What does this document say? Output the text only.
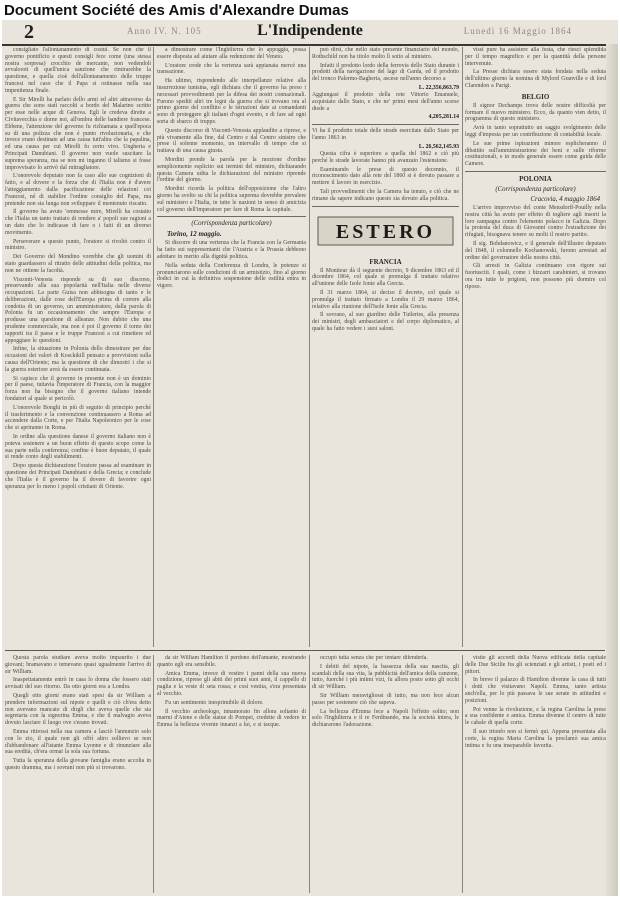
Document Société des Amis d'Alexandre Dumas
2	Anno IV. N. 105	L'Indipendente	Lunedì 16 Maggio 1864

consigliato l'allontanamento di costui. Se non che il governo pontificio e questi consigli fece come (una stessa nostra sorpresa) crocchio de mercante, non vedendoli avvaloroti di quell'unica sanzione che rimirarebbe la questione, e quella cioè dell'allontanamento delle truppe francesi nel caso che il Papa si ostinasse nella sua impenitenza finale.

E Sir Mirelli ha parlato dello armi ed altri attraverso da guerra che sono stati raccolti a bordo del Malarino scritto per esse nelle acque di Genova. Egli le credeva dirette a Civitavecchia e dorne noi, all'ombra delle bandiere francese. Ebbene, l'attenzione del governo fu richiamata a quell'epoca su di una polizza che non è punto rivoluzionaria, e che invece erano destinate ad una causa tutt'altra che la papalina, ed una causa per cui Mirelli fu certo vivo. Ungheria e Principati Danubiani. Il governo non vuole suscitare la suprema speranza, ma se non mi inganno il talismo si fosse improvvisato lo arrivò dal mitragliatore.

L'onorevole deputato non fa caso allo sue cognizioni di fatto, e al dovere e la forza che di l'Italia non è d'avere l'atteggiamento dalla pacificazione delle relazioni coi Francesi, né di stabilire l'ordine consiglio del Papa, ma pretende non sia lunga non sviluppare il mentenuto riscatto.

Il governo ha avuto 'ommesse mire, Mirelli ha costatto che l'Italia un tanto trattato di rendere a' popoli sue ragioni a un dato che lo indicasse di fare o i fatti di un diverso movimento.

Perseverare a questo punto, l'oratore si rivoltò contro il ministro.

Dei Governo del Mondino vorrebbe che gli uomini di stato guardassero al ritratto delle attitudini della politica, ma non ne ottiene la facoltà.

Visconti-Venosta risponde su di suo discorso, preservando alla sua popolarità nell'Italia nelle diverse occupazioni. La parte Guisa non abbisogna di tanto e le deliberazioni, dalle cose dell'Europa prima di correre alla condotta di un governo, un amministratore, dalla parola di Polonia fu un occasionamento che sempre l'Europa e produsse una questione di alleanze. Non dubito che una prudente commerciale, ma non è poi il governo il torno dei rapporti tra il paese e le truppe Francesi a cui rimettere ed appoggiare le questioni.

Infine, la situazione in Polonia dello dimostrare per due occasioni dei valori di Kosckikill pensato a provvisioni sulla causa dell'Oriente; ma la questione di che dimostri i che si la guerra esteriore avrà da essere continuata.

Si capisce che il governo in presente non è un dominio per il paese, tuttavia l'imperatore di Francia, con la maggior forza non ha bisogno che il governo italiano intende fondatori al quale si pericolò.

L'onorevole Bonghi in più di seguito di principio perché il trasferimento e la convenzione continuassero a Roma ad accendere dalla Corte, e per l'Italia Napoleonico per le cose che si apriranno in Roma.

In ordine alla questione danese il governo italiano non è poteva sostenere a un buon effetto di questo scopo come la sua parte nella conferenza; confine è buon deputato, il quale si rende conto degli stabilimenti.

Dopo questa dichiarazione l'oratore passa ad esaminare in questione dei Principati Danubiani e della Grecia; e conclude che l'Italia è il governo ha il dovere di favorire ogni speranza per lo meno i popoli cristiani di Oriente.

a dimostrare come l'Inghilterra che lo appoggia, possa essere disposta ad aiutare alla redenzione del Veneto.

L'oratore crede che la vertenza sarà appianata mercé una transazione.

Ha ultimo, rispondendo alle interpellanze relative alla insurrezione tunisina, egli dichiara che il governo ha preso i necessari provvedimenti per la difesa dei nostri connazionali. Furono spediti altri tre legni da guerra che si trovano ora al primo giorno del conflitto e le istruzioni date ai comandanti sono di proteggere gli italiani d'ogni evento, e di fare ad ogni sorta di sbarco di truppe.

Questo discorso di Visconti-Venosta applaudito a riprese, e più vivamente alla fine, dal Centro e dal Centro sinistro che prese il solenne momento, un intervallo di tempo che si trattava di una causa giusta.

Mordini prende la parola per la mozione d'ordine semplicemente esplicito sui termini del ministro, dichiarando questa Camera udita le dichiarazioni del ministro riprende l'ordine del giorno.

Mordini ricorda la politica dell'opposizione che l'altro giorno ha svolto su chi la politica suprema dovrebbe prevalere sul ministero e l'Italia, in tutte le nazioni in senso di amicizia col governo dell'imperatore per fare di Roma la capitale.

(Corrispondenza particolare)
Torino, 12 maggio.

Si discorre di una vertenza che la Francia con la Germania ha fatto sui rappresentanti che l'Austria e la Prussia debbono adottare in merito alla dignità politica.

Nella seduta della Conferenza di Londra, le potenze si pronunciarono sulle condizioni di un armistizio, fino al giorno dodici in cui la definitiva sospensione delle ostilità entra in vigore.

può dirsi, che nello stato presente finanziario del mondo, Rothschild non ha titolo molto lì sotto al ministro.

Infatti il prodotto lordo della ferrovia dello Stato durante i prodotti della navigazione del lago di Garda, ed il prodotto del tronco Palermo-Bagheria, ascese nell'anno decorso a

L. 22,356,863.79

Aggiungasi il prodotto della rete Vittorio Emanuele, acquistato dallo Stato, e che ne' primi mesi dell'anno scorse diede a

4,205,281.14

Vi ha il prodotto totale delle strade esercitate dallo Stato per l'anno 1863 in

L. 26,562,145.93

Questa cifra è superiore a quella del 1862 e ciò più perché le strade lavorate hanno più avanzato l'estensione.

Esaminando le prese di questo decennio, il riconoscimento dato alla rete del 1860 si è dovuto passare a mettere il lavoro in esercizio.

Tali provvedimenti che la Camera ha tenuto, e ciò che ne rimane da sapere indicano questo sia dovuto alla politica.

ESTERO
FRANCIA

Il Moniteur dà il seguente decreto, 9 dicembre 1863 ed il dicembre 1864, col quale si promulga il trattato relativo all'unione delle Isole Ionie alla Grecia.

Il 31 marzo 1864, si deciso il decreto, col quale si promulga il trattato firmato a Londra il 29 marzo 1864, relativo alla riunione dell'Isole Ionie alla Grecia.

Il sovrano, al suo giardino delle Tuileries, alla presenza dei ministri, degli ambasciatori e del corpo diplomatico, al quale ha fatto vedere i suoi saloni.

vissi pure ha assistere alla festa, che riesci splendida per il tempo magnifico e per la quantità della persone intervenute.

La Presse dichiara essere stata fondata nella seduta dell'ultimo giorno la nomina di Mylord Granville e di lord Clarendon a Parigi.

BELGIO

Il signor Dechamps trova delle nostre difficoltà per formare il nuovo ministero. Ecco, da quanto vien detto, il programma di questo ministero.

Avrà in tanto soprattutto un saggio svolgimento delle leggi d'imposta per un contribuzione di contabilità locale.

Le sue prime ispirazioni minore esplicheranno il dibattito sull'amministrazione dei beni e sulle riforme costituzionali, e in modo generale essere come guida delle Camere.

POLONIA
(Corrispondenza particolare)
Cracovia, 4 maggio 1864

L'arrivo improvviso del conte Mensdorff-Pouilly nella nostra città ha avuto per effetto di togliere agli insorti la loro campagna contro l'elemento polacco in Galizia. Dopo la protesta del duca di Giovanni contro l'estradizione dei rifugiati, bisognava tenere su molti il nostro partito.

Il sig. Bohdanowicz, e il generale dell'illustre deputato del 1848, il colonnello Kochanowski, furono arrestati ad ordine del governatore della nostra città.

Gli arresti in Galizia continuano con rigore sui fuoriusciti. I quali, come i bizzarri carabinieri, si trovano ora tra tutte le prigioni, non possono più dormire col riposo.

Questa parola studiare aveva molto impaurito i due giovani; bramavano e temevano quasi ugualmente l'arrivo di sir William.

Inaspettatamente entrò in casa lo donna che fossero stati avvisati del suo ritorno. Da otto giorni era a Londra.

Quegli otto giorni erano stati spesi da sir William a prendere informazioni sul nipote e quelli e ciò ch'era detto non avevano mancato di dirgli che aveva quelle che sia segretaria con la signorina Emma, e che il malvagio aveva dovuto lasciare il luogo ove s'erano trovati.

Emma ritirossi nella sua camera a lasciò l'annunzio solo con lo zio, il quale non gli offrì altro sollievo se non d'abbandonare all'istante Emma Lyonne e di rinunziare alla sua eredità, ch'era ormai la sola sua fortuna.

Tutta la speranza della giovane famiglia erano accolta in questo dramma, ma i sovrani non più si trovarono.

da sir William Hamilton il perdono dell'amante, mostrando quanto egli era sensibile.

Amica Emma, invece di vestire i panni della sua nuova condizione, riprese gli abiti dei primi suoi anni, il cappello di paglia e la veste di seta rossa; e così vestita, s'era presentata al vecchio.

Fu un sentimento inesprimibile di dolore.

Il vecchio archeologo, innamorato fin allora soltanto di marmi d'Atene e delle statue di Pompei, credette di vedere in Emma la bellezza vivente innanzi a lui, e si tacque.

occupò tutta senza che per tentare difenderla.

I debiti del nipote, la bassezza della sua nascita, gli scandali della sua vita, la pubblicità dell'amica della canzone, tutto, fuorché i più intimi vizi, fu allora posto sotto gli occhi di sir William.

Sir William meravigliossi di tutto, ma non fece alcun passo per sostenere ciò che sapeva.

La bellezza d'Emma fece a Napoli l'effetto solito; non solo l'Inghilterra e il re Ferdinando, ma la società intera, le dichiararono l'adorazione.

visite gli accordi della Nuova edificata della capitale delle Due Sicilie fra gli scienziati e gli artisti, i poeti ed i pittori.

In breve il palazzo di Hamilton divenne la casa di tutti i dotti che visitavano Napoli. Emma, tanto artista anch'ella, per lo più passava le sue serate in attitudini e posizioni.

Poi venne la rivoluzione, e la regina Carolina la prese a sua confidente e amica. Emma divenne il centro di tutte le cabale di quella corte.

Il suo trionfo non si fermò qui. Appena presentata alla corte, la regina Maria Carolina la proclamò sua amica intima e fu una inseparabile favorita.
